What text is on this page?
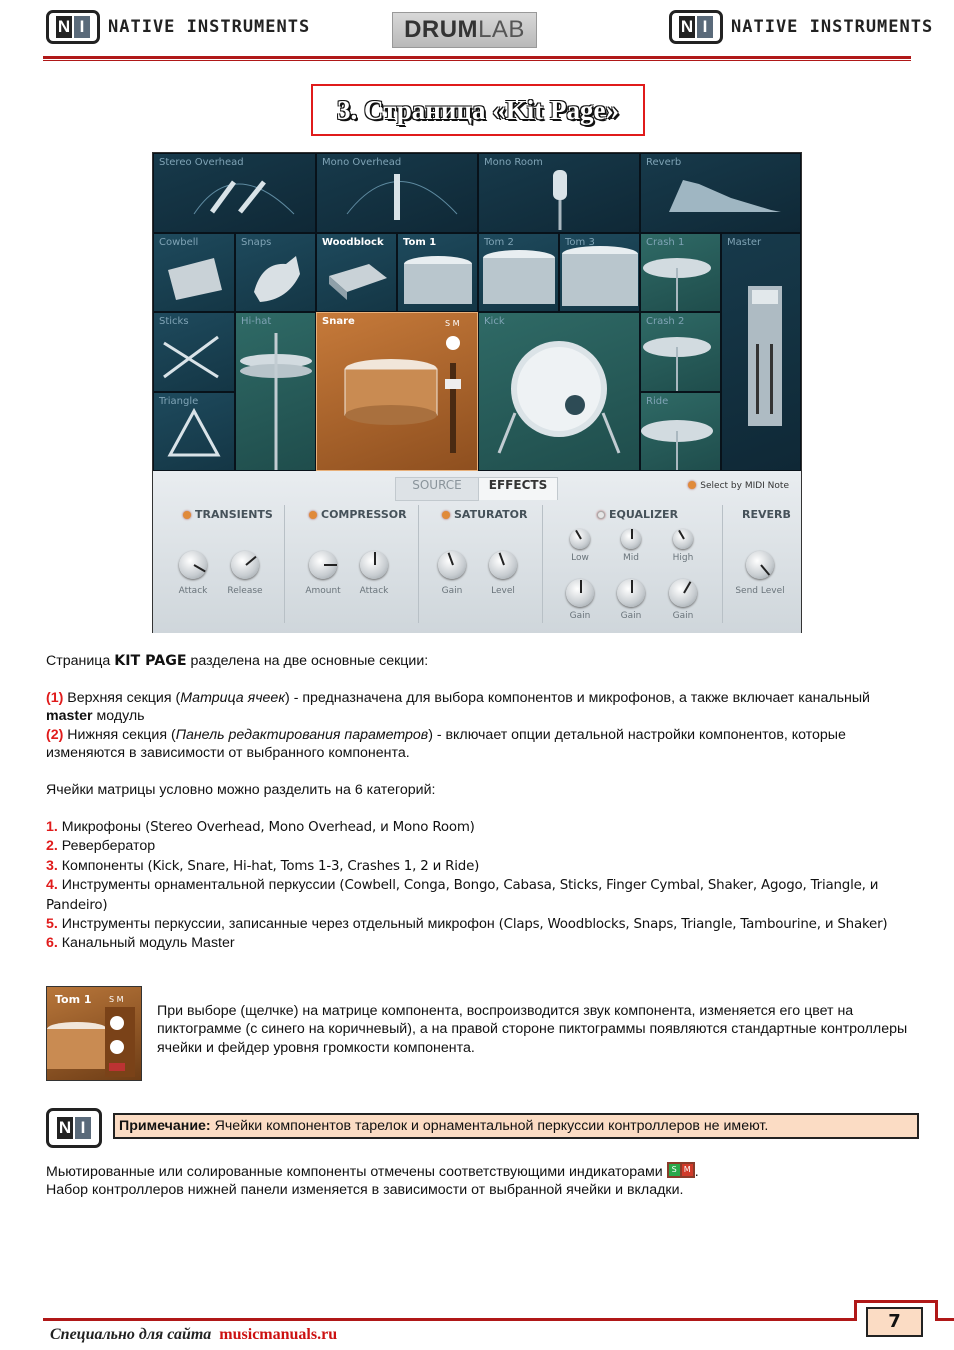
N I	NATIVE INSTRUMENTS	DRUM LAB	N I	NATIVE INSTRUMENTS
3. Страница «Kit Page»
Stereo Overhead	Mono Overhead	Mono Room	Reverb
Cowbell	Snaps	Woodblock Tom 1	Tom 2	Tom 3	Crash 1	Master
Sticks	Hi-hat	Snare	S M Kick	Crash 2
Triangle	Ride
SOURCE	EFFECTS	Select by MIDI Note
TRANSIENTS	COMPRESSOR	SATURATOR	EQUALIZER	REVERB
Attack	Release	Amount	Attack	Gain	Level
Low	Mid	High
Gain	Gain	Gain
Send Level
Страница KIT PAGE разделена на две основные секции:

(1) Верхняя секция (Матрица ячеек) - предназначена для выбора компонентов и микрофонов, а также включает канальный master модуль

(2) Нижняя секция (Панель редактирования параметров) - включает опции детальной настройки компонентов, которые изменяются в зависимости от выбранного компонента.

Ячейки матрицы условно можно разделить на 6 категорий:

1. Микрофоны (Stereo Overhead, Mono Overhead, и Mono Room)

2. Ревербератор

3. Компоненты (Kick, Snare, Hi-hat, Toms 1-3, Crashes 1, 2 и Ride)

4. Инструменты орнаментальной перкуссии (Cowbell, Conga, Bongo, Cabasa, Sticks, Finger Cymbal, Shaker, Agogo, Triangle, и Pandeiro)

5. Инструменты перкуссии, записанные через отдельный микрофон (Claps, Woodblocks, Snaps, Triangle, Tambourine, и Shaker)

6. Канальный модуль Master

Tom 1 S M
При выборе (щелчке) на матрице компонента, воспроизводится звук компонента, изменяется его цвет на пиктограмме (с синего на коричневый), а на правой стороне пиктограммы появляются стандартные контроллеры ячейки и фейдер уровня громкости компонента.
N I	Примечание: Ячейки компонентов тарелок и орнаментальной перкуссии контроллеров не имеют.

Мьютированные или солированные компоненты отмечены соответствующими индикаторами	S M .

Набор контроллеров нижней панели изменяется в зависимости от выбранной ячейки и вкладки.

Специально для сайта musicmanuals.ru
7
